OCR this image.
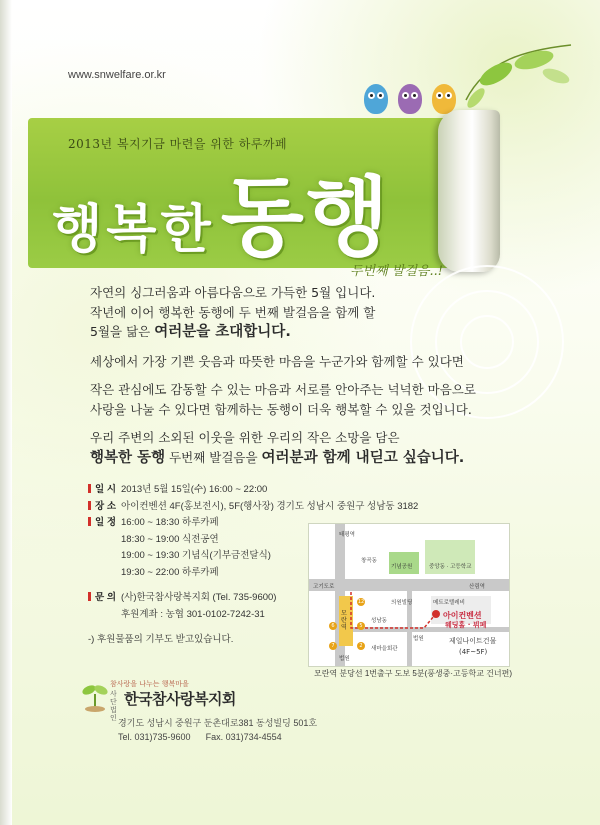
www.snwelfare.or.kr
2013년 복지기금 마련을 위한 하루까페
행복한동행
두번째 발걸음..!

자연의 싱그러움과 아름다움으로 가득한 5월 입니다.

작년에 이어 행복한 동행에 두 번째 발걸음을 함께 할

5월을 닮은 여러분을 초대합니다.

세상에서 가장 기쁜 웃음과 따뜻한 마음을 누군가와 함께할 수 있다면

작은 관심에도 감동할 수 있는 마음과 서로를 안아주는 넉넉한 마음으로

사랑을 나눌 수 있다면 함께하는 동행이 더욱 행복할 수 있을 것입니다.

우리 주변의 소외된 이웃을 위한 우리의 작은 소망을 담은

행복한 동행 두번째 발걸음을 여러분과 함께 내딛고 싶습니다.

일 시 2013년 5월 15일(수) 16:00 ~ 22:00
장 소 아이컨벤션 4F(홍보전시), 5F(행사장) 경기도 성남시 중원구 성남동 3182
일 정 16:00 ~ 18:30 하루카페
18:30 ~ 19:00 식전공연
19:00 ~ 19:30 기념식(기부금전달식)
19:30 ~ 22:00 하루카페
문 의 (사)한국참사랑복지회 (Tel. 735-9600)
후원계좌 : 농협 301-0102-7242-31
-) 후원물품의 기부도 받고있습니다.
태평역
창곡동
기념공원	중앙동 · 고등학교
고기도로	산림역
의원빌딩	메트로텔레비
성남동
법원
새마을회관
법원
모란역
12
6
7
5
2
아이컨벤션
웨딩홀 · 뷔페
제일나이트건물
(4F~5F)
모란역 분당선 1번출구 도보 5분(풍생중·고등학교 건너편)
참사랑을 나누는 행복마을
사단법인
한국참사랑복지회
경기도 성남시 중원구 둔촌대로381 동성빌딩 501호
Tel. 031)735-9600 Fax. 031)734-4554
